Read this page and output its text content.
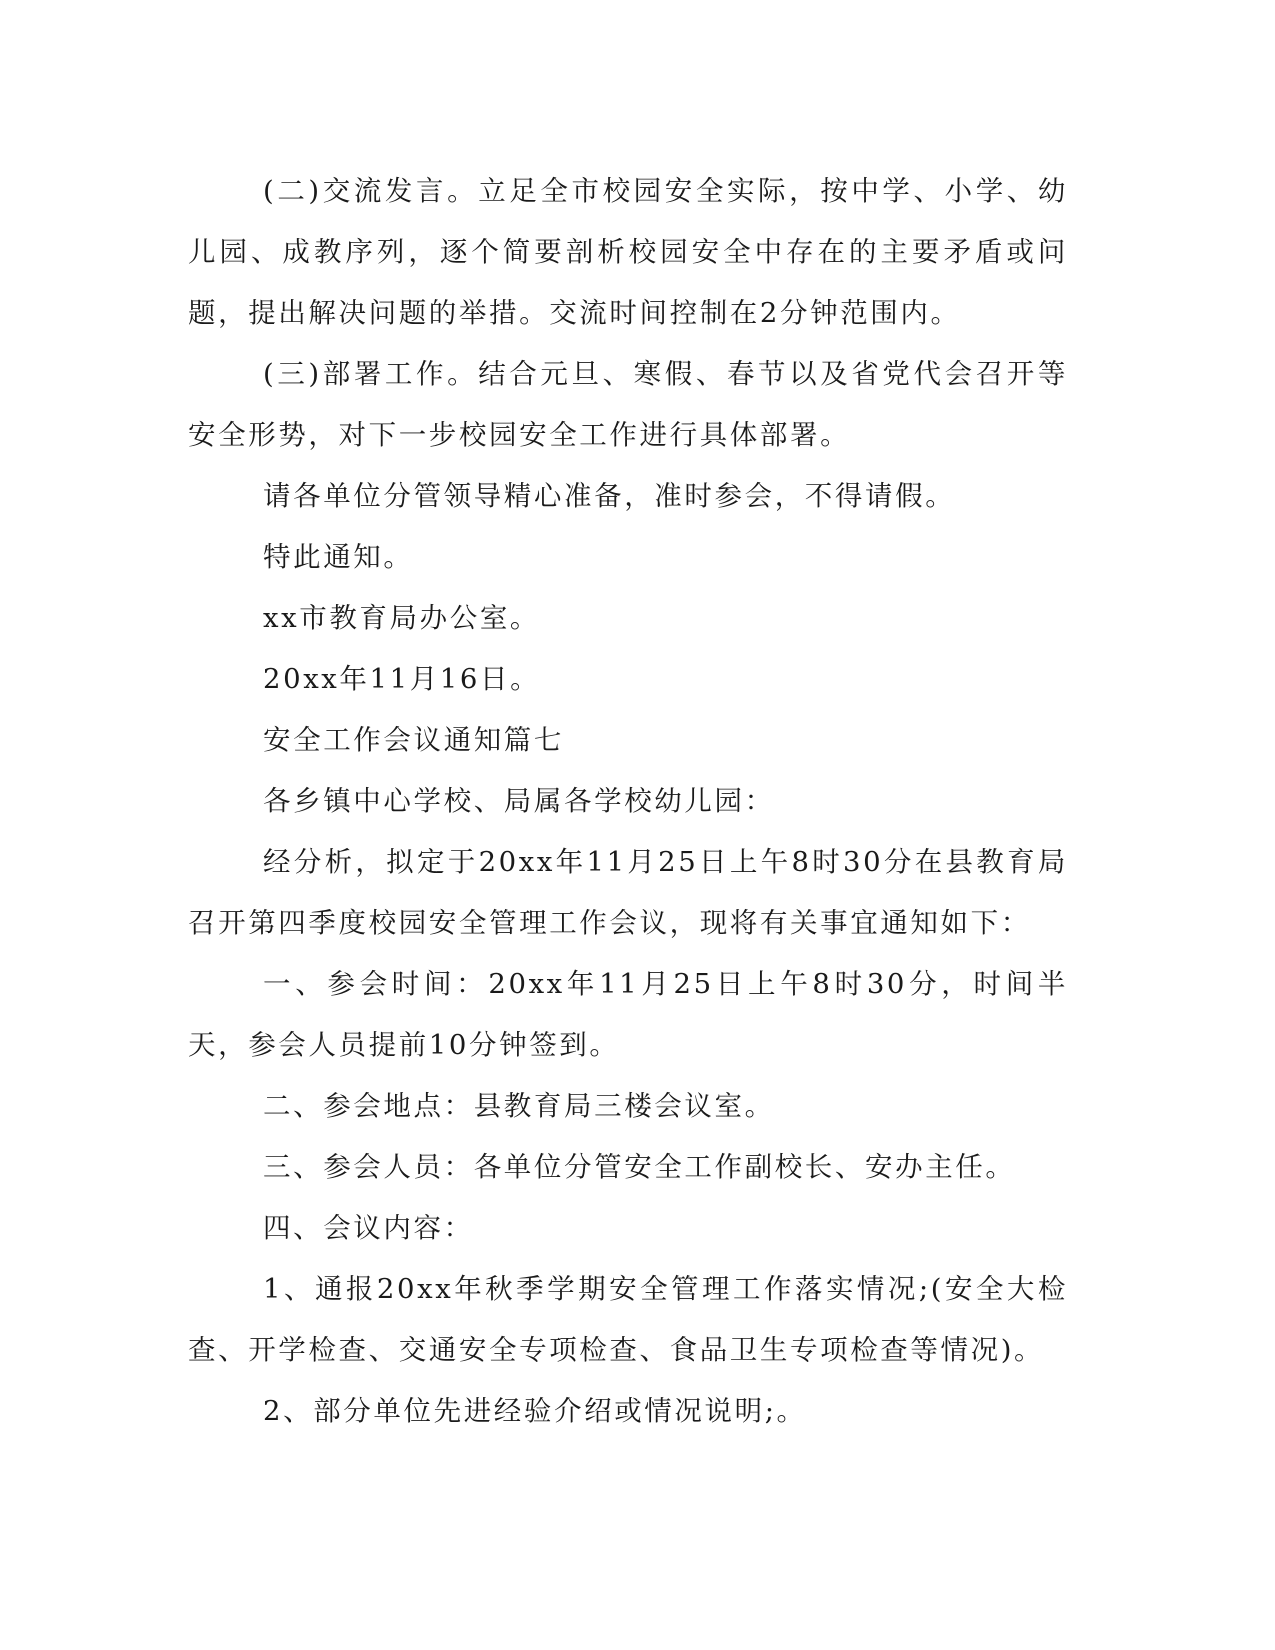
(二)交流发言。立足全市校园安全实际，按中学、小学、幼儿园、成教序列，逐个简要剖析校园安全中存在的主要矛盾或问题，提出解决问题的举措。交流时间控制在2分钟范围内。

(三)部署工作。结合元旦、寒假、春节以及省党代会召开等安全形势，对下一步校园安全工作进行具体部署。

请各单位分管领导精心准备，准时参会，不得请假。

特此通知。

xx市教育局办公室。

20xx年11月16日。

安全工作会议通知篇七

各乡镇中心学校、局属各学校幼儿园：

经分析，拟定于20xx年11月25日上午8时30分在县教育局召开第四季度校园安全管理工作会议，现将有关事宜通知如下：

一、参会时间：20xx年11月25日上午8时30分，时间半天，参会人员提前10分钟签到。

二、参会地点：县教育局三楼会议室。

三、参会人员：各单位分管安全工作副校长、安办主任。

四、会议内容：

1、通报20xx年秋季学期安全管理工作落实情况;(安全大检查、开学检查、交通安全专项检查、食品卫生专项检查等情况)。

2、部分单位先进经验介绍或情况说明;。
